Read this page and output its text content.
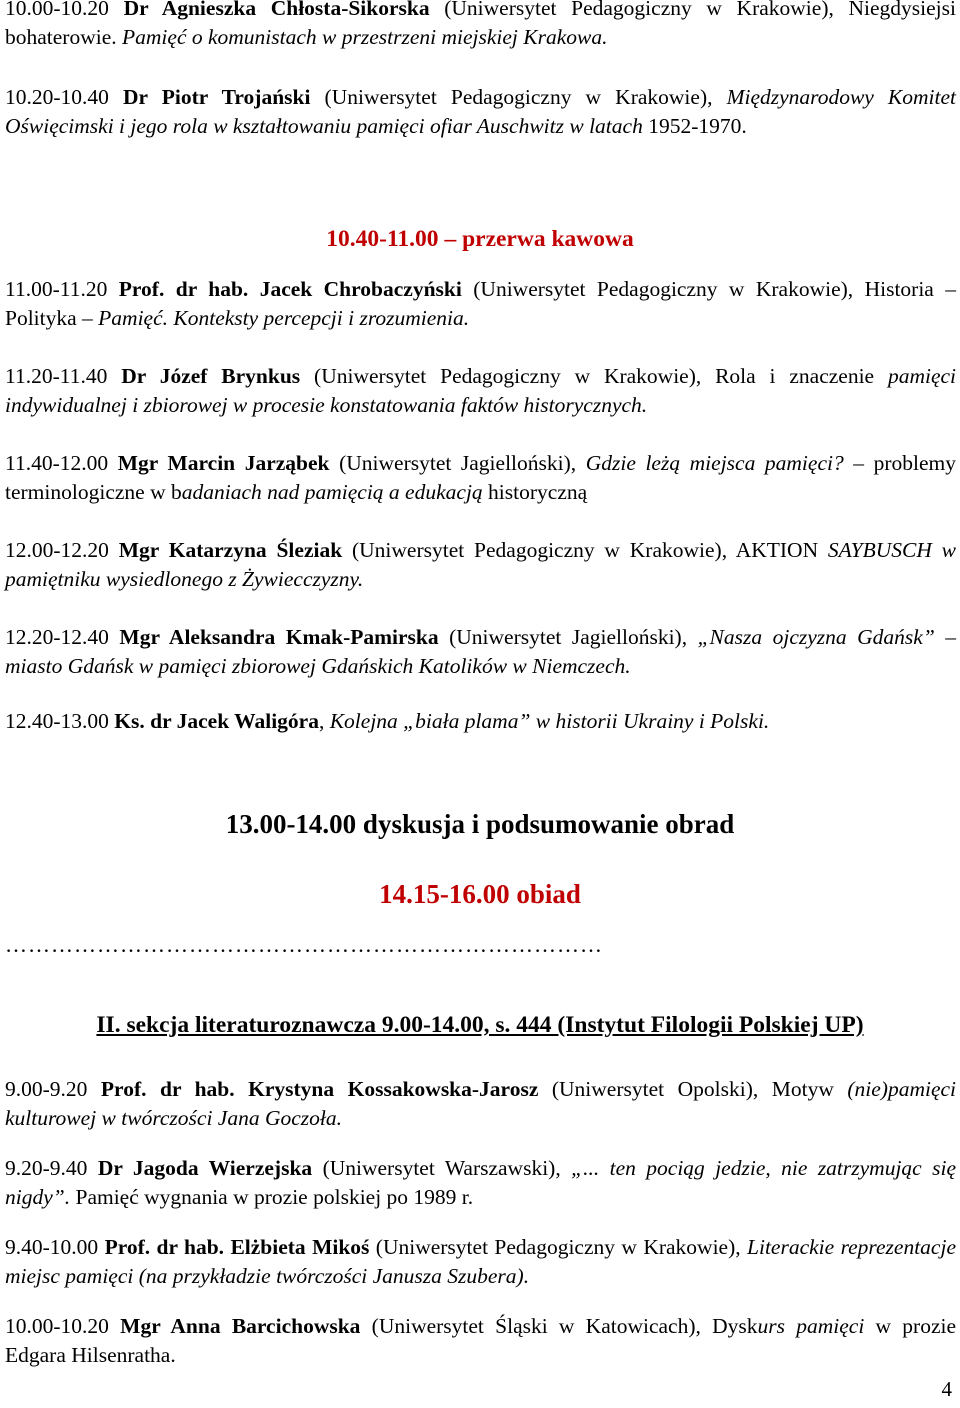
10.00-10.20 Dr Agnieszka Chłosta-Sikorska (Uniwersytet Pedagogiczny w Krakowie), Niegdysiejsi bohaterowie. Pamięć o komunistach w przestrzeni miejskiej Krakowa.

10.20-10.40 Dr Piotr Trojański (Uniwersytet Pedagogiczny w Krakowie), Międzynarodowy Komitet Oświęcimski i jego rola w kształtowaniu pamięci ofiar Auschwitz w latach 1952-1970.

10.40-11.00 – przerwa kawowa

11.00-11.20 Prof. dr hab. Jacek Chrobaczyński (Uniwersytet Pedagogiczny w Krakowie), Historia – Polityka – Pamięć. Konteksty percepcji i zrozumienia.

11.20-11.40 Dr Józef Brynkus (Uniwersytet Pedagogiczny w Krakowie), Rola i znaczenie pamięci indywidualnej i zbiorowej w procesie konstatowania faktów historycznych.

11.40-12.00 Mgr Marcin Jarząbek (Uniwersytet Jagielloński), Gdzie leżą miejsca pamięci? – problemy terminologiczne w badaniach nad pamięcią a edukacją historyczną

12.00-12.20 Mgr Katarzyna Śleziak (Uniwersytet Pedagogiczny w Krakowie), AKTION SAYBUSCH w pamiętniku wysiedlonego z Żywiecczyzny.

12.20-12.40 Mgr Aleksandra Kmak-Pamirska (Uniwersytet Jagielloński), „Nasza ojczyzna Gdańsk” – miasto Gdańsk w pamięci zbiorowej Gdańskich Katolików w Niemczech.

12.40-13.00 Ks. dr Jacek Waligóra, Kolejna „biała plama” w historii Ukrainy i Polski.

13.00-14.00 dyskusja i podsumowanie obrad

14.15-16.00 obiad

……………………………………………………………………

II. sekcja literaturoznawcza 9.00-14.00, s. 444 (Instytut Filologii Polskiej UP)

9.00-9.20 Prof. dr hab. Krystyna Kossakowska-Jarosz (Uniwersytet Opolski), Motyw (nie)pamięci kulturowej w twórczości Jana Goczoła.

9.20-9.40 Dr Jagoda Wierzejska (Uniwersytet Warszawski), „... ten pociąg jedzie, nie zatrzymując się nigdy”. Pamięć wygnania w prozie polskiej po 1989 r.

9.40-10.00 Prof. dr hab. Elżbieta Mikoś (Uniwersytet Pedagogiczny w Krakowie), Literackie reprezentacje miejsc pamięci (na przykładzie twórczości Janusza Szubera).

10.00-10.20 Mgr Anna Barcichowska (Uniwersytet Śląski w Katowicach), Dyskurs pamięci w prozie Edgara Hilsenratha.

4
